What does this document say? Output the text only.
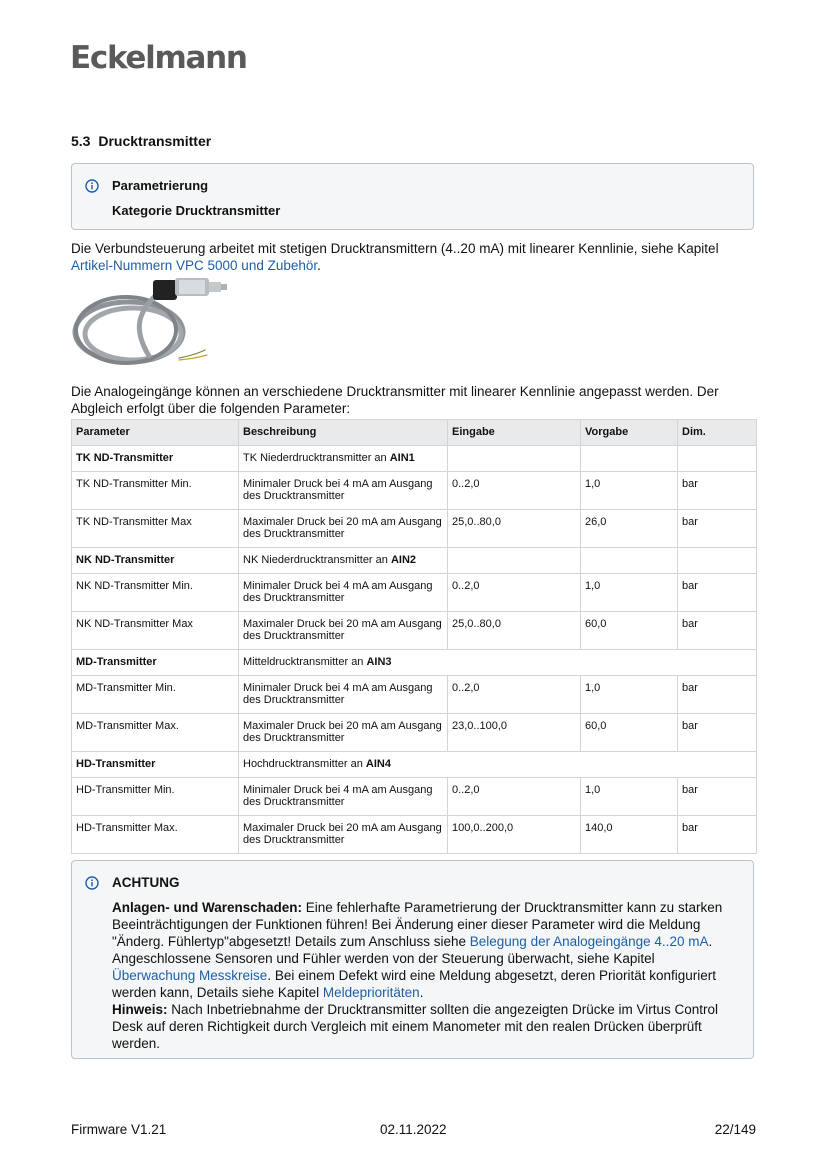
Eckelmann
5.3 Drucktransmitter
Parametrierung
Kategorie Drucktransmitter
Die Verbundsteuerung arbeitet mit stetigen Drucktransmittern (4..20 mA) mit linearer Kennlinie, siehe Kapitel Artikel-Nummern VPC 5000 und Zubehör.
Die Analogeingänge können an verschiedene Drucktransmitter mit linearer Kennlinie angepasst werden. Der Abgleich erfolgt über die folgenden Parameter:
Parameter	Beschreibung	Eingabe	Vorgabe	Dim.
TK ND-Transmitter	TK Niederdrucktransmitter an AIN1			
TK ND-Transmitter Min.	Minimaler Druck bei 4 mA am Ausgang des Drucktransmitter	0..2,0	1,0	bar
TK ND-Transmitter Max	Maximaler Druck bei 20 mA am Ausgang des Drucktransmitter	25,0..80,0	26,0	bar
NK ND-Transmitter	NK Niederdrucktransmitter an AIN2			
NK ND-Transmitter Min.	Minimaler Druck bei 4 mA am Ausgang des Drucktransmitter	0..2,0	1,0	bar
NK ND-Transmitter Max	Maximaler Druck bei 20 mA am Ausgang des Drucktransmitter	25,0..80,0	60,0	bar
MD-Transmitter	Mitteldrucktransmitter an AIN3			
MD-Transmitter Min.	Minimaler Druck bei 4 mA am Ausgang des Drucktransmitter	0..2,0	1,0	bar
MD-Transmitter Max.	Maximaler Druck bei 20 mA am Ausgang des Drucktransmitter	23,0..100,0	60,0	bar
HD-Transmitter	Hochdrucktransmitter an AIN4			
HD-Transmitter Min.	Minimaler Druck bei 4 mA am Ausgang des Drucktransmitter	0..2,0	1,0	bar
HD-Transmitter Max.	Maximaler Druck bei 20 mA am Ausgang des Drucktransmitter	100,0..200,0	140,0	bar
ACHTUNG
Anlagen- und Warenschaden: Eine fehlerhafte Parametrierung der Drucktransmitter kann zu starken Beeinträchtigungen der Funktionen führen! Bei Änderung einer dieser Parameter wird die Meldung "Änderg. Fühlertyp"abgesetzt! Details zum Anschluss siehe Belegung der Analogeingänge 4..20 mA. Angeschlossene Sensoren und Fühler werden von der Steuerung überwacht, siehe Kapitel Überwachung Messkreise. Bei einem Defekt wird eine Meldung abgesetzt, deren Priorität konfiguriert werden kann, Details siehe Kapitel Meldeprioritäten.
Hinweis: Nach Inbetriebnahme der Drucktransmitter sollten die angezeigten Drücke im Virtus Control Desk auf deren Richtigkeit durch Vergleich mit einem Manometer mit den realen Drücken überprüft werden.
Firmware V1.21	02.11.2022	22/149
